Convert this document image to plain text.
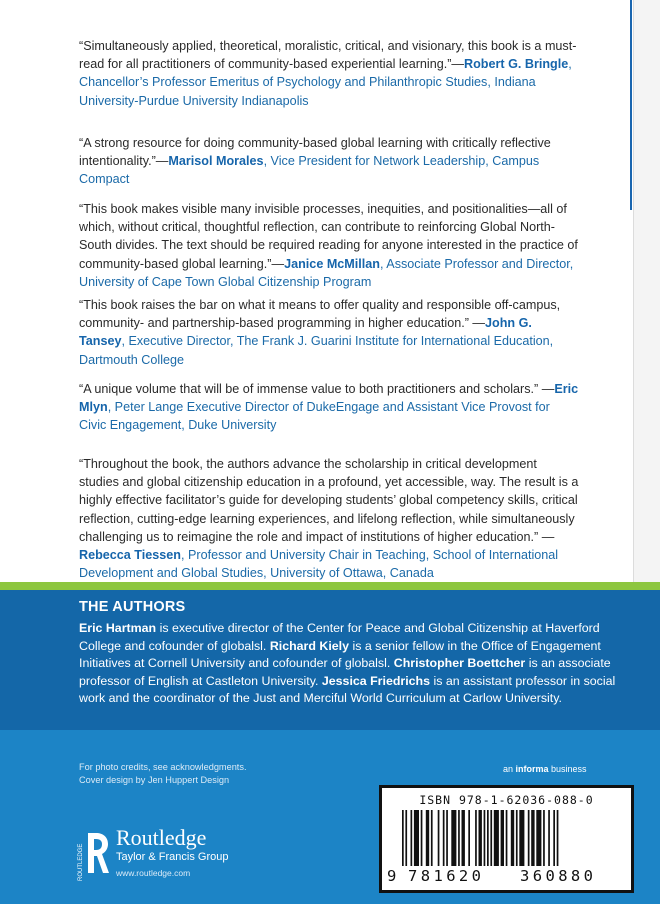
“Simultaneously applied, theoretical, moralistic, critical, and visionary, this book is a must-read for all practitioners of community-based experiential learning.”—Robert G. Bringle, Chancellor’s Professor Emeritus of Psychology and Philanthropic Studies, Indiana University-Purdue University Indianapolis
“A strong resource for doing community-based global learning with critically reflective intentionality.”—Marisol Morales, Vice President for Network Leadership, Campus Compact
“This book makes visible many invisible processes, inequities, and positionalities—all of which, without critical, thoughtful reflection, can contribute to reinforcing Global North-South divides. The text should be required reading for anyone interested in the practice of community-based global learning.”—Janice McMillan, Associate Professor and Director, University of Cape Town Global Citizenship Program
“This book raises the bar on what it means to offer quality and responsible off-campus, community- and partnership-based programming in higher education.” —John G. Tansey, Executive Director, The Frank J. Guarini Institute for International Education, Dartmouth College
“A unique volume that will be of immense value to both practitioners and scholars.” —Eric Mlyn, Peter Lange Executive Director of DukeEngage and Assistant Vice Provost for Civic Engagement, Duke University
“Throughout the book, the authors advance the scholarship in critical development studies and global citizenship education in a profound, yet accessible, way. The result is a highly effective facilitator’s guide for developing students’ global competency skills, critical reflection, cutting-edge learning experiences, and lifelong reflection, while simultaneously challenging us to reimagine the role and impact of institutions of higher education.” —Rebecca Tiessen, Professor and University Chair in Teaching, School of International Development and Global Studies, University of Ottawa, Canada
THE AUTHORS
Eric Hartman is executive director of the Center for Peace and Global Citizenship at Haverford College and cofounder of globalsl. Richard Kiely is a senior fellow in the Office of Engagement Initiatives at Cornell University and cofounder of globalsl. Christopher Boettcher is an associate professor of English at Castleton University. Jessica Friedrichs is an assistant professor in social work and the coordinator of the Just and Merciful World Curriculum at Carlow University.
For photo credits, see acknowledgments.
Cover design by Jen Huppert Design
an informa business
ISBN 978-1-62036-088-0
9 781620 360880
ROUTLEDGE
Routledge
Taylor & Francis Group
www.routledge.com
